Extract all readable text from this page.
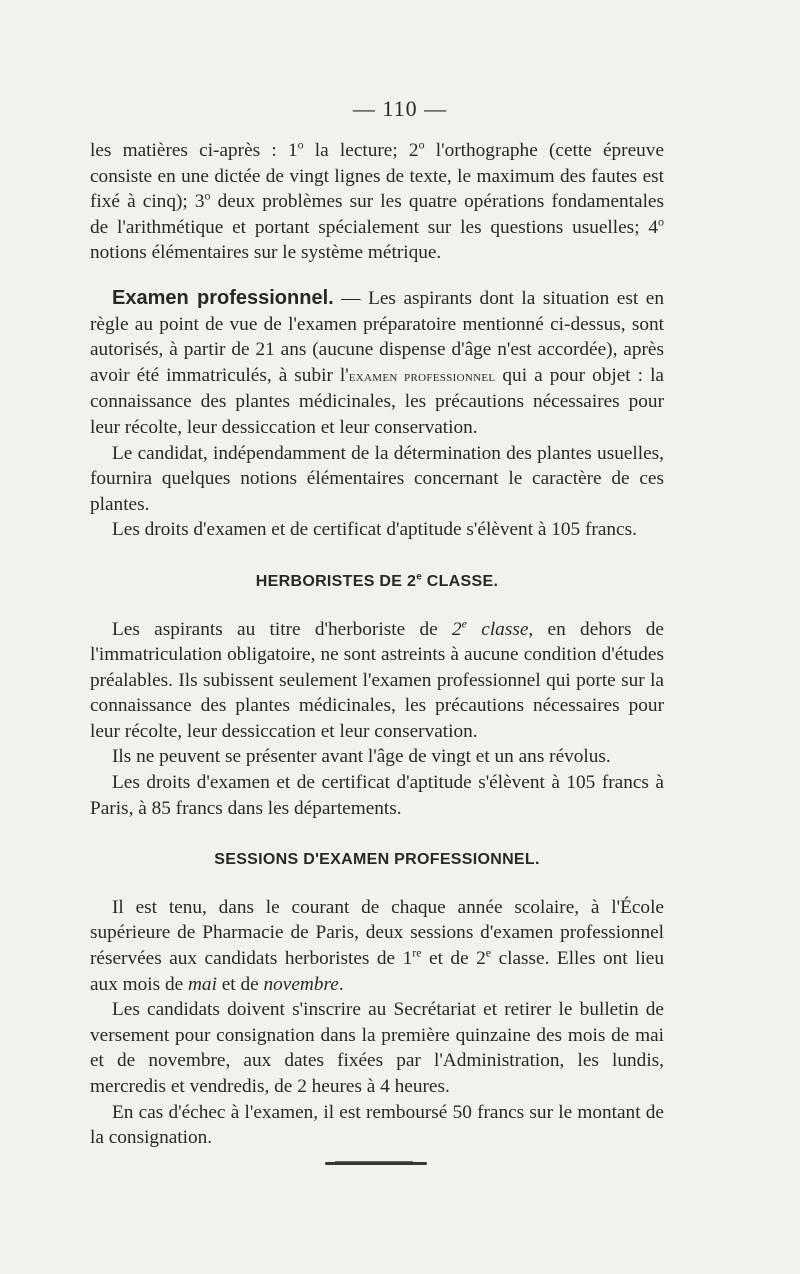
— 110 —

les matières ci-après : 1$^o$ la lecture; 2$^o$ l'orthographe (cette épreuve consiste en une dictée de vingt lignes de texte, le maximum des fautes est fixé à cinq); 3$^o$ deux problèmes sur les quatre opérations fondamentales de l'arithmétique et portant spécialement sur les questions usuelles; 4$^o$ notions élémentaires sur le système métrique.

Examen professionnel. — Les aspirants dont la situation est en règle au point de vue de l'examen préparatoire mentionné ci-dessus, sont autorisés, à partir de 21 ans (aucune dispense d'âge n'est accordée), après avoir été immatriculés, à subir l'examen professionnel qui a pour objet : la connaissance des plantes médicinales, les précautions nécessaires pour leur récolte, leur dessiccation et leur conservation.

Le candidat, indépendamment de la détermination des plantes usuelles, fournira quelques notions élémentaires concernant le caractère de ces plantes.

Les droits d'examen et de certificat d'aptitude s'élèvent à 105 francs.

HERBORISTES DE 2e CLASSE.

Les aspirants au titre d'herboriste de 2e classe, en dehors de l'immatriculation obligatoire, ne sont astreints à aucune condition d'études préalables. Ils subissent seulement l'examen professionnel qui porte sur la connaissance des plantes médicinales, les précautions nécessaires pour leur récolte, leur dessiccation et leur conservation.

Ils ne peuvent se présenter avant l'âge de vingt et un ans révolus.

Les droits d'examen et de certificat d'aptitude s'élèvent à 105 francs à Paris, à 85 francs dans les départements.

SESSIONS D'EXAMEN PROFESSIONNEL.

Il est tenu, dans le courant de chaque année scolaire, à l'École supérieure de Pharmacie de Paris, deux sessions d'examen professionnel réservées aux candidats herboristes de 1re et de 2e classe. Elles ont lieu aux mois de mai et de novembre.

Les candidats doivent s'inscrire au Secrétariat et retirer le bulletin de versement pour consignation dans la première quinzaine des mois de mai et de novembre, aux dates fixées par l'Administration, les lundis, mercredis et vendredis, de 2 heures à 4 heures.

En cas d'échec à l'examen, il est remboursé 50 francs sur le montant de la consignation.
